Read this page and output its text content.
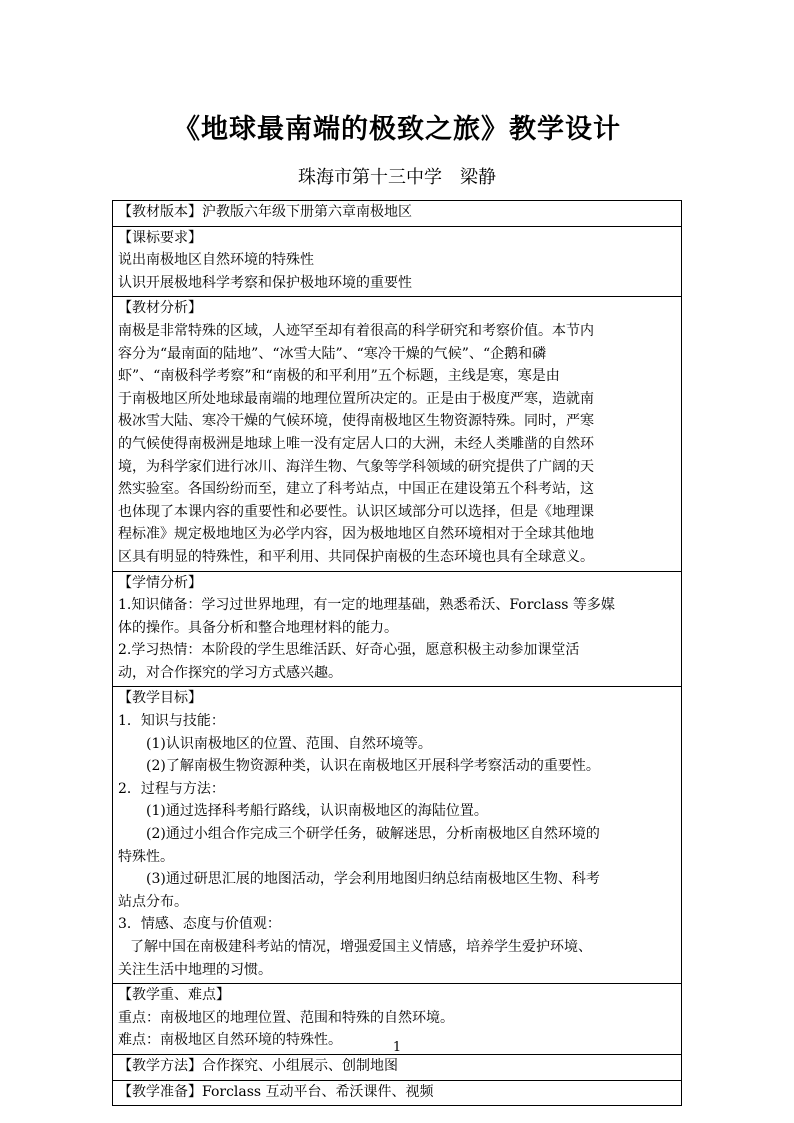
《地球最南端的极致之旅》教学设计
珠海市第十三中学 梁静
【教材版本】沪教版六年级下册第六章南极地区

【课标要求】
说出南极地区自然环境的特殊性
认识开展极地科学考察和保护极地环境的重要性

【教材分析】
南极是非常特殊的区域，人迹罕至却有着很高的科学研究和考察价值。本节内
容分为“最南面的陆地”、“冰雪大陆”、“寒冷干燥的气候”、“企鹅和磷
虾”、“南极科学考察”和“南极的和平利用”五个标题，主线是寒，寒是由
于南极地区所处地球最南端的地理位置所决定的。正是由于极度严寒，造就南
极冰雪大陆、寒冷干燥的气候环境，使得南极地区生物资源特殊。同时，严寒
的气候使得南极洲是地球上唯一没有定居人口的大洲，未经人类雕凿的自然环
境，为科学家们进行冰川、海洋生物、气象等学科领域的研究提供了广阔的天
然实验室。各国纷纷而至，建立了科考站点，中国正在建设第五个科考站，这
也体现了本课内容的重要性和必要性。认识区域部分可以选择，但是《地理课
程标准》规定极地地区为必学内容，因为极地地区自然环境相对于全球其他地
区具有明显的特殊性，和平利用、共同保护南极的生态环境也具有全球意义。

【学情分析】
1.知识储备：学习过世界地理，有一定的地理基础，熟悉希沃、Forclass 等多媒
体的操作。具备分析和整合地理材料的能力。
2.学习热情：本阶段的学生思维活跃、好奇心强，愿意积极主动参加课堂活
动，对合作探究的学习方式感兴趣。

【教学目标】
1．知识与技能：
(1)认识南极地区的位置、范围、自然环境等。
(2)了解南极生物资源种类，认识在南极地区开展科学考察活动的重要性。
2．过程与方法：
(1)通过选择科考船行路线，认识南极地区的海陆位置。
(2)通过小组合作完成三个研学任务，破解迷思，分析南极地区自然环境的
特殊性。
(3)通过研思汇展的地图活动，学会利用地图归纳总结南极地区生物、科考
站点分布。
3．情感、态度与价值观：
了解中国在南极建科考站的情况，增强爱国主义情感，培养学生爱护环境、
关注生活中地理的习惯。

【教学重、难点】
重点：南极地区的地理位置、范围和特殊的自然环境。
难点：南极地区自然环境的特殊性。

【教学方法】合作探究、小组展示、创制地图
【教学准备】Forclass 互动平台、希沃课件、视频
1
